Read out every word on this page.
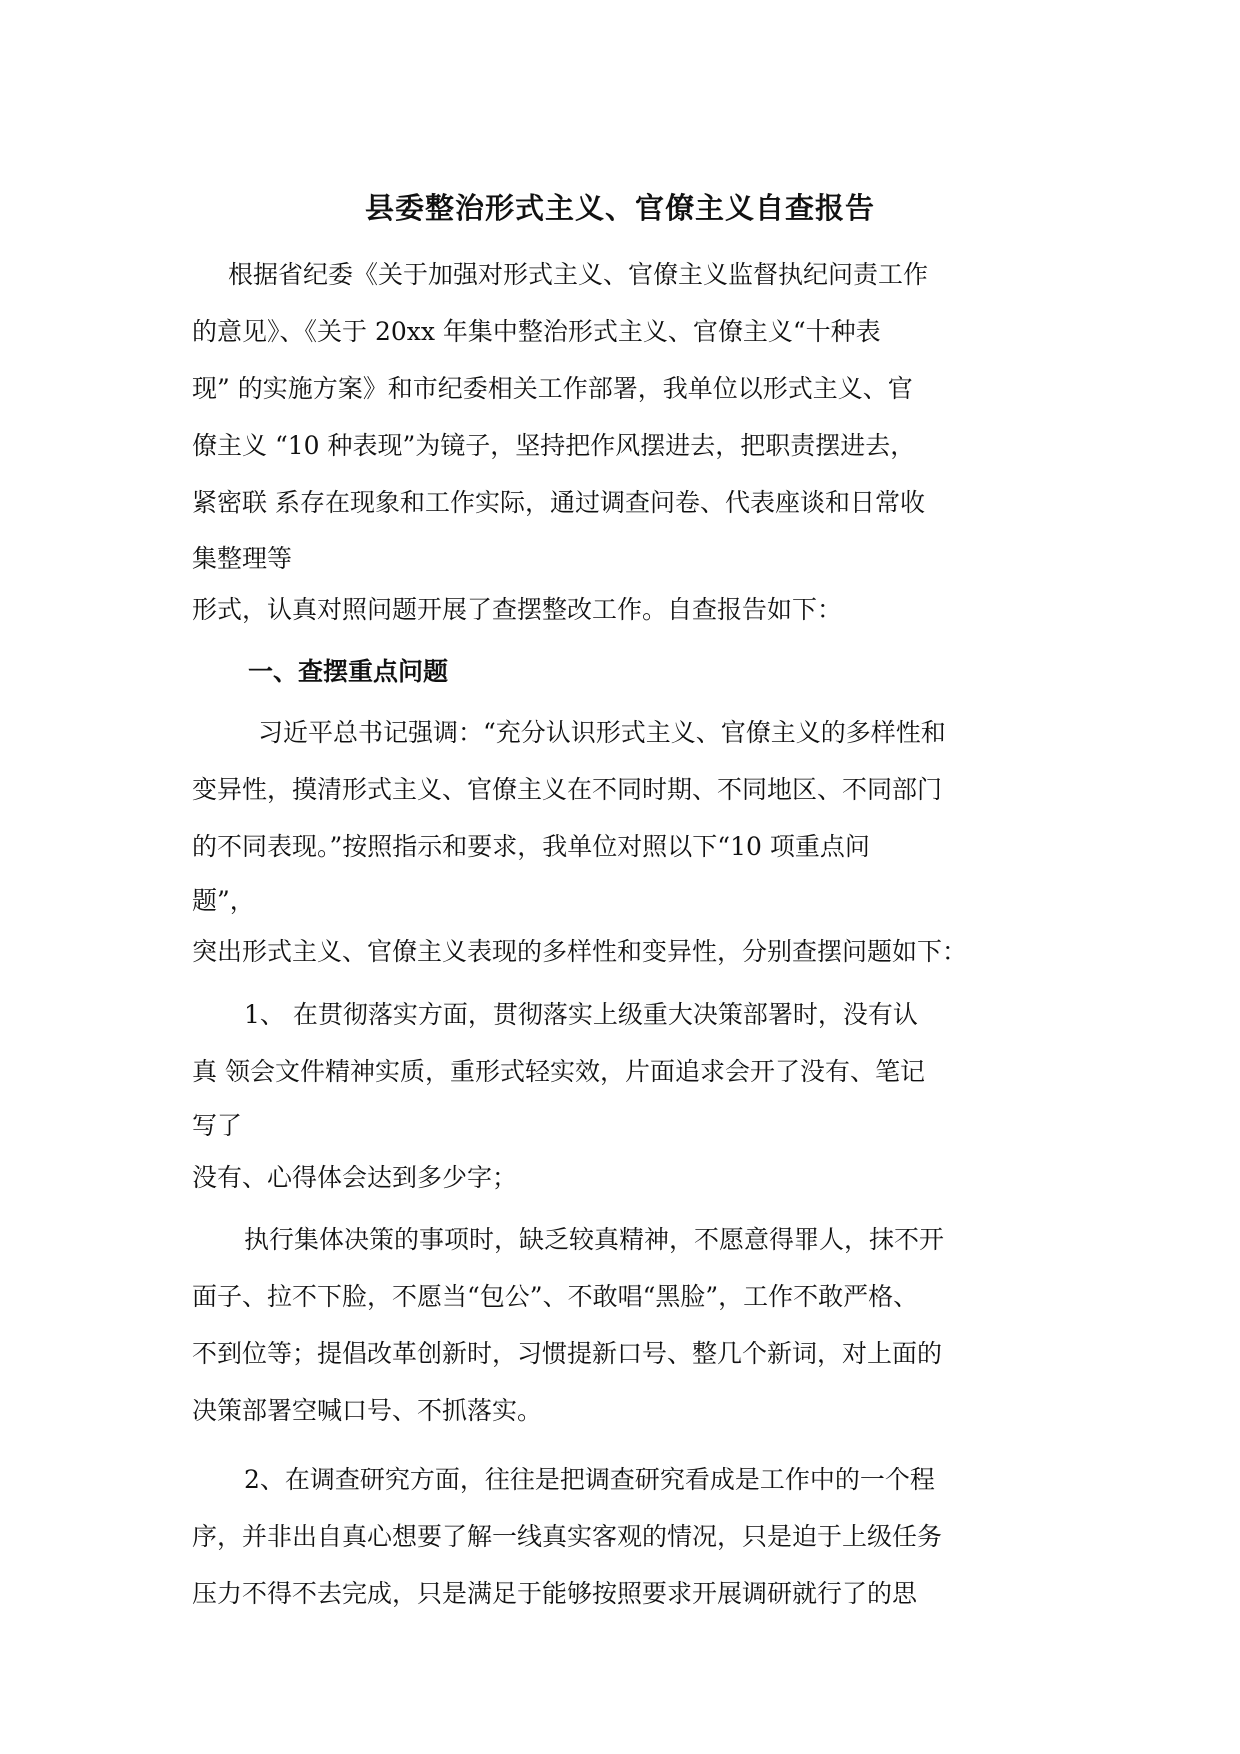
县委整治形式主义、官僚主义自查报告

根据省纪委《关于加强对形式主义、官僚主义监督执纪问责工作

的意见》、《关于 20xx 年集中整治形式主义、官僚主义“十种表

现” 的实施方案》和市纪委相关工作部署，我单位以形式主义、官

僚主义 “10 种表现”为镜子，坚持把作风摆进去，把职责摆进去，

紧密联 系存在现象和工作实际，通过调查问卷、代表座谈和日常收

集整理等

形式，认真对照问题开展了查摆整改工作。自查报告如下：

一、查摆重点问题

习近平总书记强调：“充分认识形式主义、官僚主义的多样性和

变异性，摸清形式主义、官僚主义在不同时期、不同地区、不同部门

的不同表现。”按照指示和要求，我单位对照以下“10 项重点问

题”，

突出形式主义、官僚主义表现的多样性和变异性，分别查摆问题如下：

1、 在贯彻落实方面，贯彻落实上级重大决策部署时，没有认

真 领会文件精神实质，重形式轻实效，片面追求会开了没有、笔记

写了

没有、心得体会达到多少字；

执行集体决策的事项时，缺乏较真精神，不愿意得罪人，抹不开

面子、拉不下脸，不愿当“包公”、不敢唱“黑脸”，工作不敢严格、

不到位等；提倡改革创新时，习惯提新口号、整几个新词，对上面的

决策部署空喊口号、不抓落实。

2、在调查研究方面，往往是把调查研究看成是工作中的一个程

序，并非出自真心想要了解一线真实客观的情况，只是迫于上级任务

压力不得不去完成，只是满足于能够按照要求开展调研就行了的思
